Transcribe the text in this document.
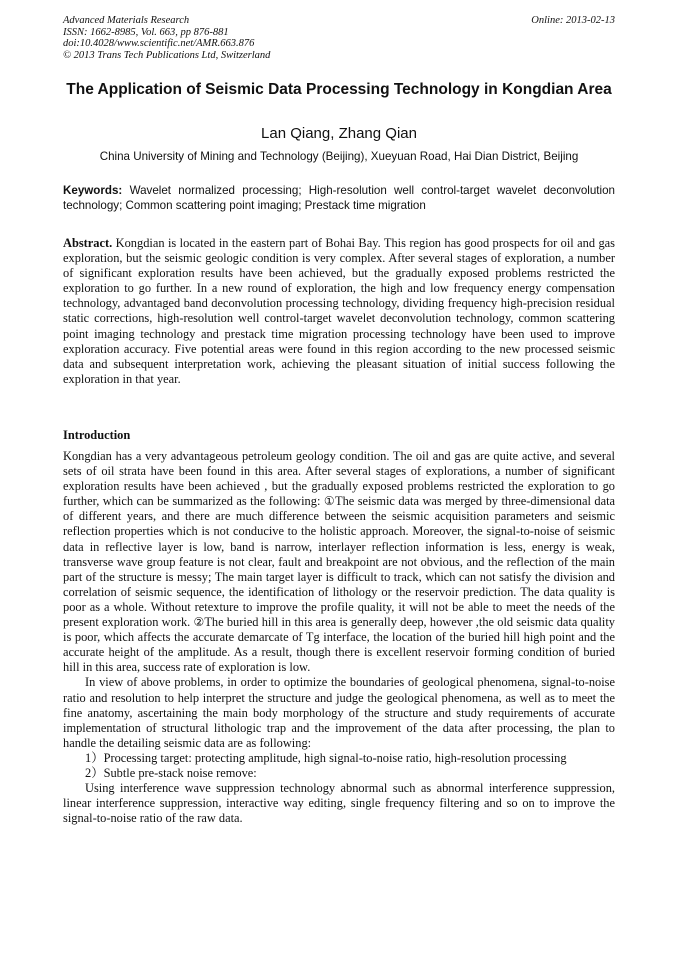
Advanced Materials Research
ISSN: 1662-8985, Vol. 663, pp 876-881
doi:10.4028/www.scientific.net/AMR.663.876
© 2013 Trans Tech Publications Ltd, Switzerland
Online: 2013-02-13
The Application of Seismic Data Processing Technology in Kongdian Area
Lan Qiang, Zhang Qian
China University of Mining and Technology (Beijing), Xueyuan Road, Hai Dian District, Beijing
Keywords: Wavelet normalized processing; High-resolution well control-target wavelet deconvolution technology; Common scattering point imaging; Prestack time migration
Abstract. Kongdian is located in the eastern part of Bohai Bay. This region has good prospects for oil and gas exploration, but the seismic geologic condition is very complex. After several stages of exploration, a number of significant exploration results have been achieved, but the gradually exposed problems restricted the exploration to go further. In a new round of exploration, the high and low frequency energy compensation technology, advantaged band deconvolution processing technology, dividing frequency high-precision residual static corrections, high-resolution well control-target wavelet deconvolution technology, common scattering point imaging technology and prestack time migration processing technology have been used to improve exploration accuracy. Five potential areas were found in this region according to the new processed seismic data and subsequent interpretation work, achieving the pleasant situation of initial success following the exploration in that year.
Introduction

Kongdian has a very advantageous petroleum geology condition. The oil and gas are quite active, and several sets of oil strata have been found in this area. After several stages of explorations, a number of significant exploration results have been achieved , but the gradually exposed problems restricted the exploration to go further, which can be summarized as the following: ①The seismic data was merged by three-dimensional data of different years, and there are much difference between the seismic acquisition parameters and seismic reflection properties which is not conducive to the holistic approach. Moreover, the signal-to-noise of seismic data in reflective layer is low, band is narrow, interlayer reflection information is less, energy is weak, transverse wave group feature is not clear, fault and breakpoint are not obvious, and the reflection of the main part of the structure is messy; The main target layer is difficult to track, which can not satisfy the division and correlation of seismic sequence, the identification of lithology or the reservoir prediction. The data quality is poor as a whole. Without retexture to improve the profile quality, it will not be able to meet the needs of the present exploration work. ②The buried hill in this area is generally deep, however ,the old seismic data quality is poor, which affects the accurate demarcate of Tg interface, the location of the buried hill high point and the accurate height of the amplitude. As a result, though there is excellent reservoir forming condition of buried hill in this area, success rate of exploration is low.

In view of above problems, in order to optimize the boundaries of geological phenomena, signal-to-noise ratio and resolution to help interpret the structure and judge the geological phenomena, as well as to meet the fine anatomy, ascertaining the main body morphology of the structure and study requirements of accurate implementation of structural lithologic trap and the improvement of the data after processing, the plan to handle the detailing seismic data are as following:

1）Processing target: protecting amplitude, high signal-to-noise ratio, high-resolution processing

2）Subtle pre-stack noise remove:

Using interference wave suppression technology abnormal such as abnormal interference suppression, linear interference suppression, interactive way editing, single frequency filtering and so on to improve the signal-to-noise ratio of the raw data.
